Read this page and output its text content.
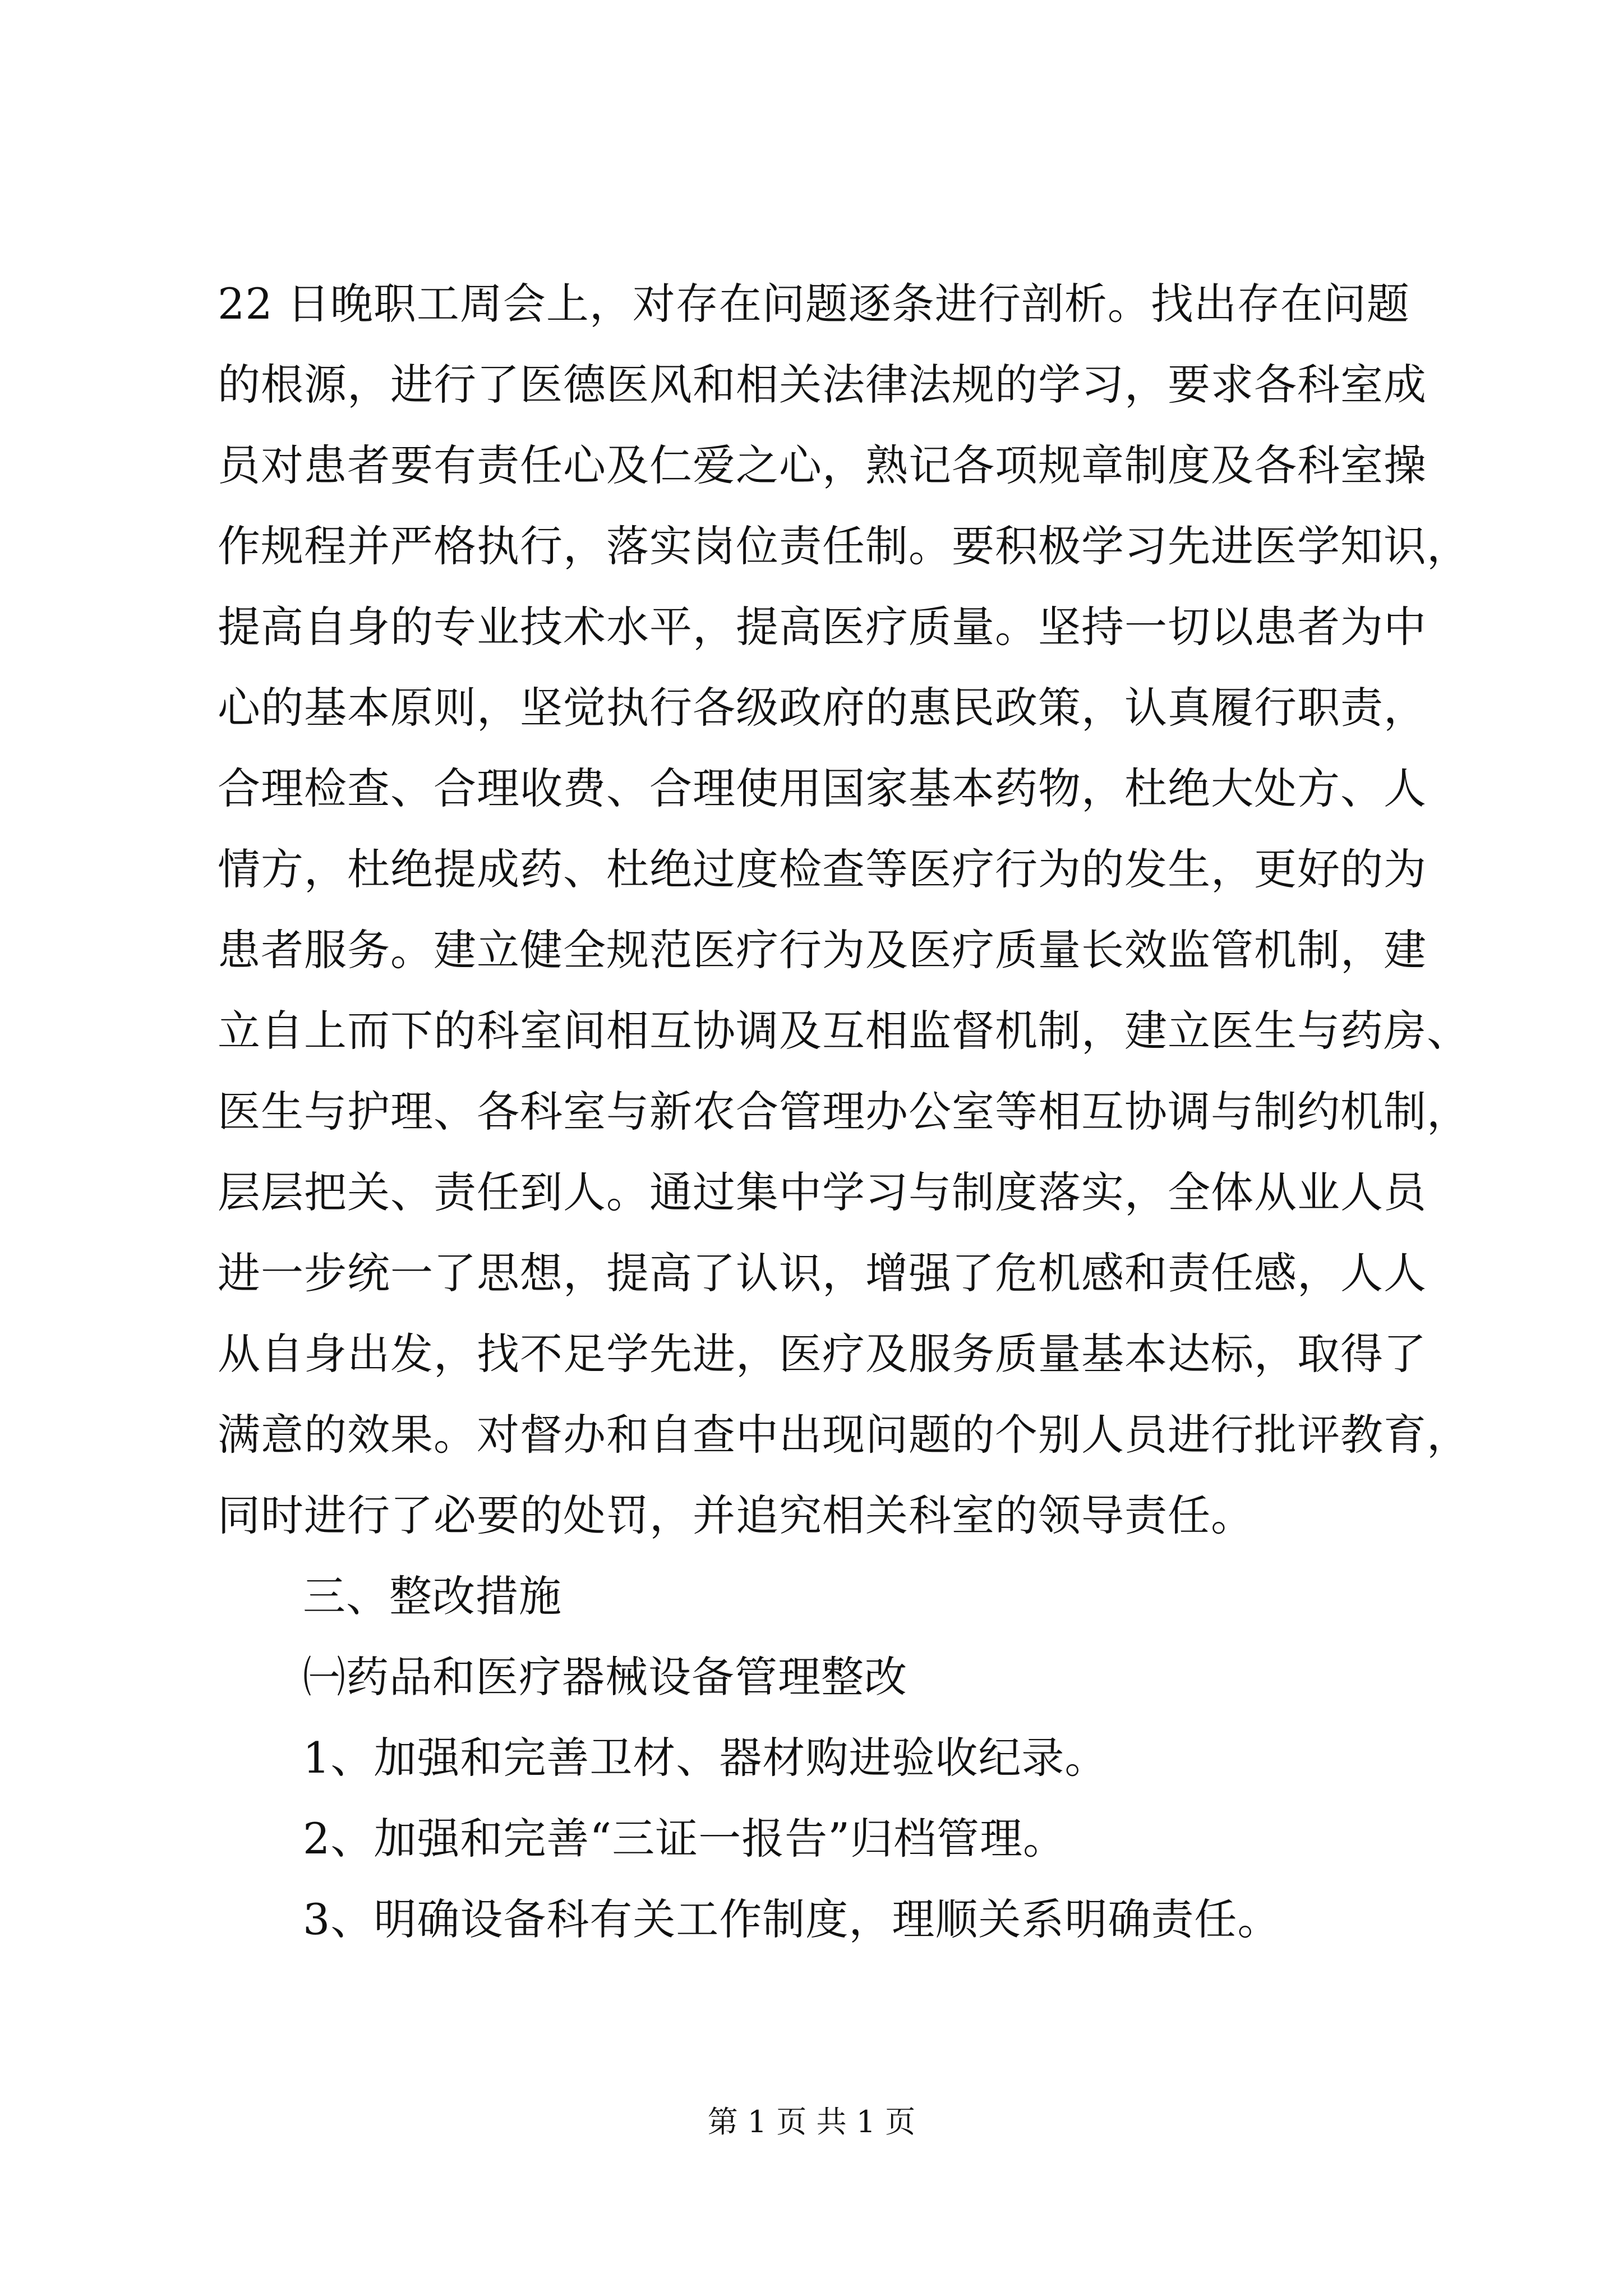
22 日晚职工周会上，对存在问题逐条进行剖析。找出存在问题
的根源，进行了医德医风和相关法律法规的学习，要求各科室成
员对患者要有责任心及仁爱之心，熟记各项规章制度及各科室操
作规程并严格执行，落实岗位责任制。要积极学习先进医学知识，
提高自身的专业技术水平，提高医疗质量。坚持一切以患者为中
心的基本原则，坚觉执行各级政府的惠民政策，认真履行职责，
合理检查、合理收费、合理使用国家基本药物，杜绝大处方、人
情方，杜绝提成药、杜绝过度检查等医疗行为的发生，更好的为
患者服务。建立健全规范医疗行为及医疗质量长效监管机制，建
立自上而下的科室间相互协调及互相监督机制，建立医生与药房、
医生与护理、各科室与新农合管理办公室等相互协调与制约机制，
层层把关、责任到人。通过集中学习与制度落实，全体从业人员
进一步统一了思想，提高了认识，增强了危机感和责任感，人人
从自身出发，找不足学先进，医疗及服务质量基本达标，取得了
满意的效果。对督办和自查中出现问题的个别人员进行批评教育，
同时进行了必要的处罚，并追究相关科室的领导责任。
三、整改措施
㈠药品和医疗器械设备管理整改
1、加强和完善卫材、器材购进验收纪录。
2、加强和完善“三证一报告”归档管理。
3、明确设备科有关工作制度，理顺关系明确责任。
第 1 页 共 1 页
